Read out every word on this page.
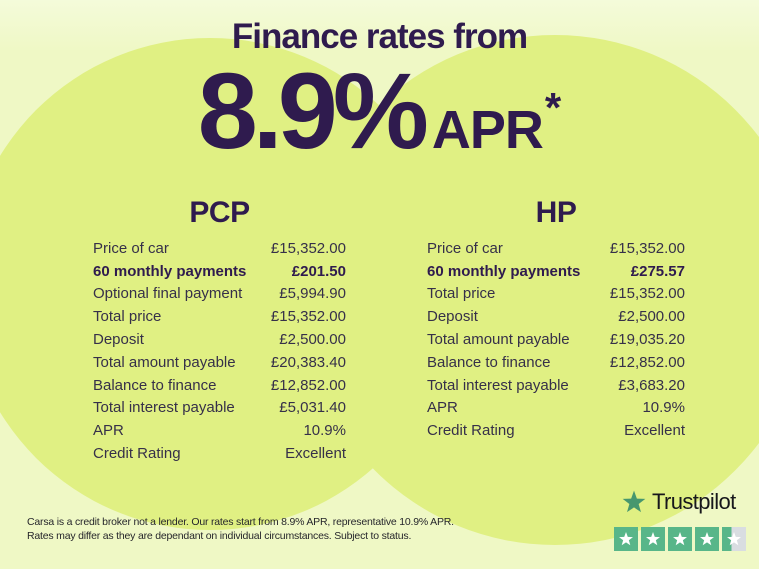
Finance rates from
8.9% APR *
PCP
Price of car	£15,352.00
60 monthly payments	£201.50
Optional final payment £5,994.90
Total price	£15,352.00
Deposit	£2,500.00
Total amount payable £20,383.40
Balance to finance	£12,852.00
Total interest payable	£5,031.40
APR	10.9%
Credit Rating	Excellent
HP
Price of car	£15,352.00
60 monthly payments	£275.57
Total price	£15,352.00
Deposit	£2,500.00
Total amount payable	£19,035.20
Balance to finance	£12,852.00
Total interest payable	£3,683.20
APR	10.9%
Credit Rating	Excellent
Carsa is a credit broker not a lender. Our rates start from 8.9% APR, representative 10.9% APR.
Rates may differ as they are dependant on individual circumstances. Subject to status.
Trustpilot
